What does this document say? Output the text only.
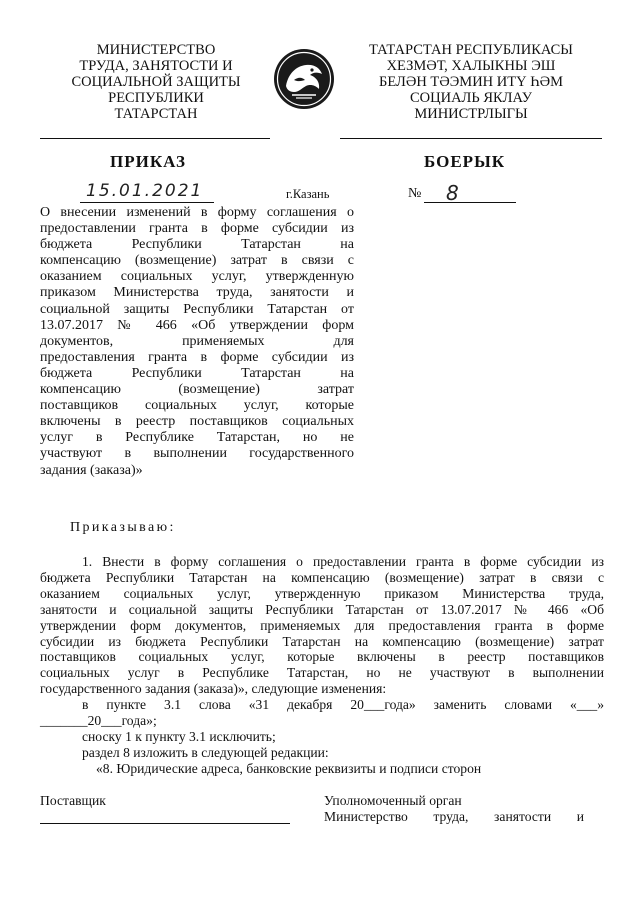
МИНИСТЕРСТВО
ТРУДА, ЗАНЯТОСТИ И
СОЦИАЛЬНОЙ ЗАЩИТЫ
РЕСПУБЛИКИ
ТАТАРСТАН
ТАТАРСТАН РЕСПУБЛИКАСЫ
ХЕЗМӘТ, ХАЛЫКНЫ ЭШ
БЕЛӘН ТӘЭМИН ИТҮ ҺӘМ
СОЦИАЛЬ ЯКЛАУ
МИНИСТРЛЫГЫ
ПРИКАЗ	БОЕРЫК
15.01.2021	г.Казань	№ 8
О внесении изменений в форму соглашения о
предоставлении гранта в форме субсидии из
бюджета Республики Татарстан на
компенсацию (возмещение) затрат в связи с
оказанием социальных услуг, утвержденную
приказом Министерства труда, занятости и
социальной защиты Республики Татарстан от
13.07.2017 № 466 «Об утверждении форм
документов, применяемых для
предоставления гранта в форме субсидии из
бюджета Республики Татарстан на
компенсацию (возмещение) затрат
поставщиков социальных услуг, которые
включены в реестр поставщиков социальных
услуг в Республике Татарстан, но не
участвуют в выполнении государственного
задания (заказа)»
Приказываю:
1. Внести в форму соглашения о предоставлении гранта в форме субсидии из
бюджета Республики Татарстан на компенсацию (возмещение) затрат в связи с
оказанием социальных услуг, утвержденную приказом Министерства труда,
занятости и социальной защиты Республики Татарстан от 13.07.2017 № 466 «Об
утверждении форм документов, применяемых для предоставления гранта в форме
субсидии из бюджета Республики Татарстан на компенсацию (возмещение) затрат
поставщиков социальных услуг, которые включены в реестр поставщиков
социальных услуг в Республике Татарстан, но не участвуют в выполнении
государственного задания (заказа)», следующие изменения:
в пункте 3.1 слова «31 декабря 20___года» заменить словами «___»
_______20___года»;
сноску 1 к пункту 3.1 исключить;
раздел 8 изложить в следующей редакции:
«8. Юридические адреса, банковские реквизиты и подписи сторон
Поставщик	Уполномоченный орган
Министерство труда, занятости и
